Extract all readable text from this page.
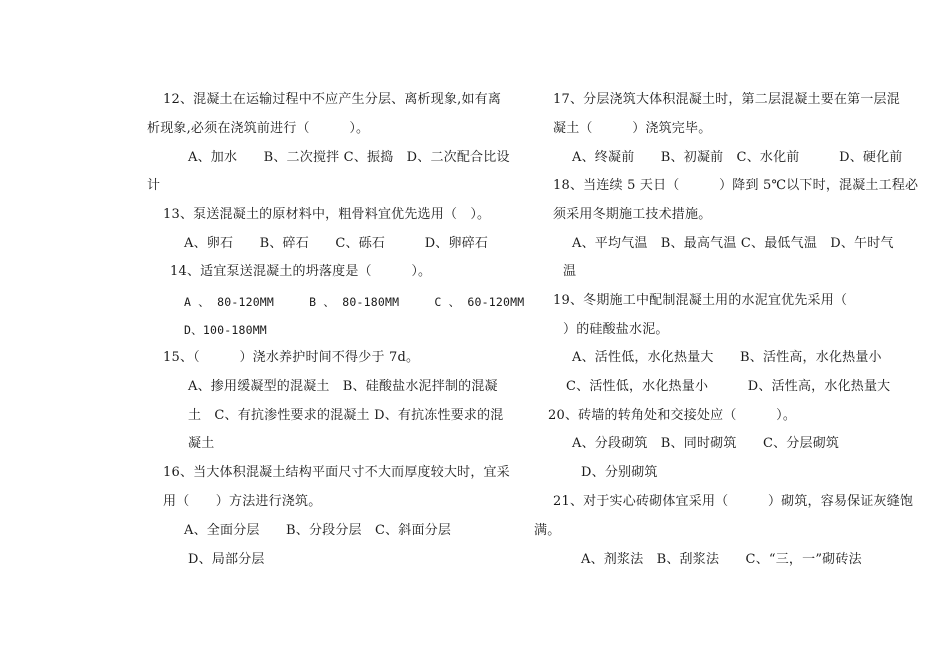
12、混凝土在运输过程中不应产生分层、离析现象,如有离
析现象,必须在浇筑前进行（　　　）。
A、加水　　B、二次搅拌 C、振捣　D、二次配合比设
计
13、泵送混凝土的原材料中，粗骨料宜优先选用（　）。
A、卵石　　B、碎石　　C、砾石　　　D、卵碎石
14、适宜泵送混凝土的坍落度是（　　　）。
A 、 80-120MM　　　B 、 80-180MM　　　C 、 60-120MM
D、100-180MM
15、（　　　）浇水养护时间不得少于 7d。
A、掺用缓凝型的混凝土　B、硅酸盐水泥拌制的混凝
土　C、有抗渗性要求的混凝土 D、有抗冻性要求的混
凝土
16、当大体积混凝土结构平面尺寸不大而厚度较大时，宜采
用（　　）方法进行浇筑。
A、全面分层　　B、分段分层　C、斜面分层
D、局部分层
17、分层浇筑大体积混凝土时，第二层混凝土要在第一层混
凝土（　　　）浇筑完毕。
A、终凝前　　B、初凝前　C、水化前　　　D、硬化前
18、当连续 5 天日（　　　）降到 5℃以下时，混凝土工程必
须采用冬期施工技术措施。
A、平均气温　B、最高气温 C、最低气温　D、午时气
温
19、冬期施工中配制混凝土用的水泥宜优先采用（
）的硅酸盐水泥。
A、活性低，水化热量大　　B、活性高，水化热量小
C、活性低，水化热量小　　　D、活性高，水化热量大
20、砖墙的转角处和交接处应（　　　）。
A、分段砌筑　B、同时砌筑　　C、分层砌筑
D、分别砌筑
21、对于实心砖砌体宜采用（　　　）砌筑，容易保证灰缝饱
满。
A、剂浆法　B、刮浆法　　C、“三，一”砌砖法
